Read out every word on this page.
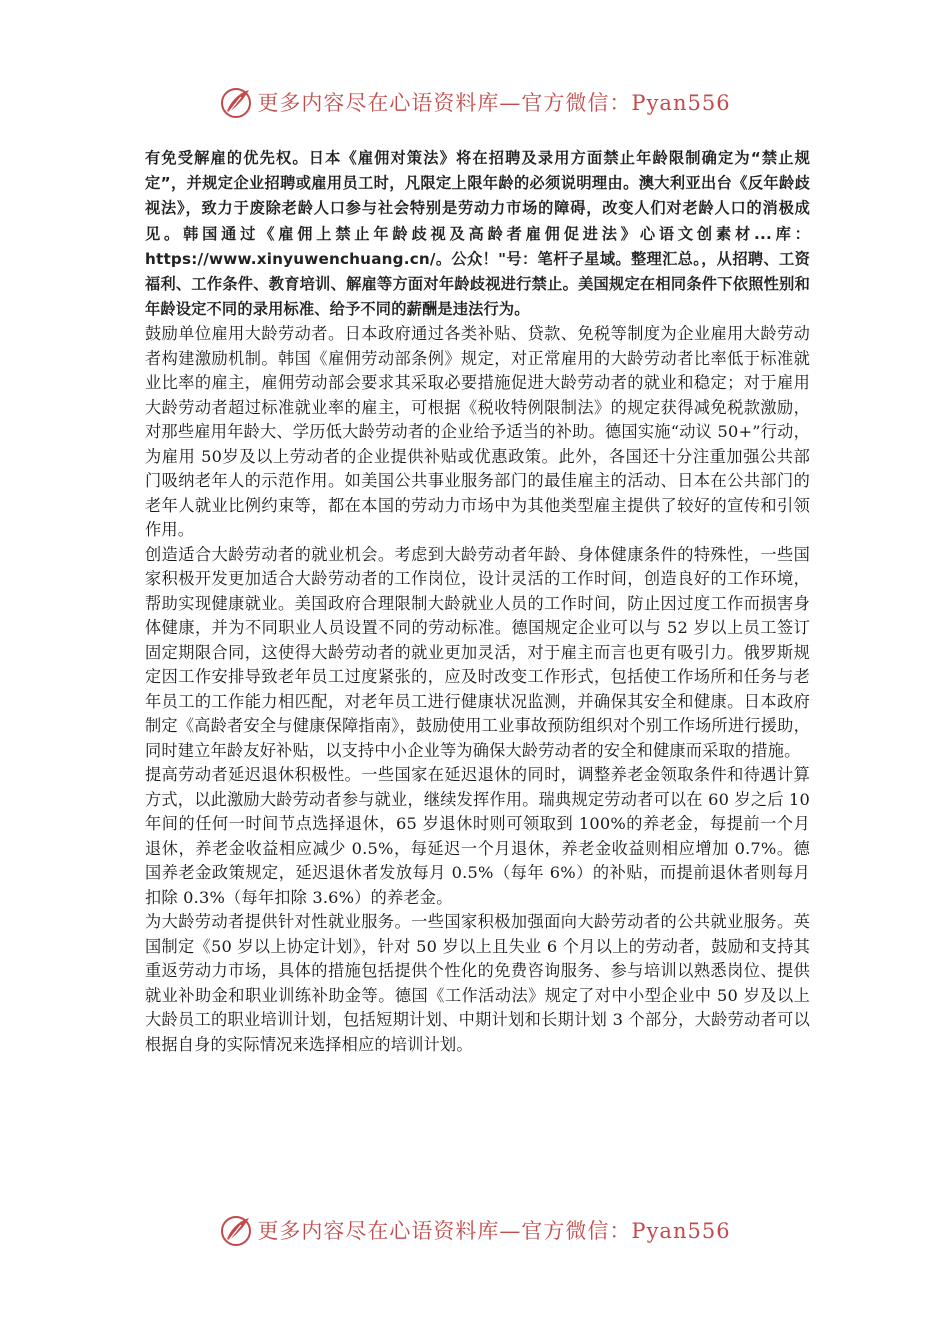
更多内容尽在心语资料库—官方微信：Pyan556

有免受解雇的优先权。日本《雇佣对策法》将在招聘及录用方面禁止年龄限制确定为“禁止规定”，并规定企业招聘或雇用员工时，凡限定上限年龄的必须说明理由。澳大利亚出台《反年龄歧视法》，致力于废除老龄人口参与社会特别是劳动力市场的障碍，改变人们对老龄人口的消极成见。韩国通过《雇佣上禁止年龄歧视及高龄者雇佣促进法》心语文创素材...库：https://www.xinyuwenchuang.cn/。公众！"号：笔杆子星域。整理汇总。，从招聘、工资福利、工作条件、教育培训、解雇等方面对年龄歧视进行禁止。美国规定在相同条件下依照性别和年龄设定不同的录用标准、给予不同的薪酬是违法行为。

鼓励单位雇用大龄劳动者。日本政府通过各类补贴、贷款、免税等制度为企业雇用大龄劳动者构建激励机制。韩国《雇佣劳动部条例》规定，对正常雇用的大龄劳动者比率低于标准就业比率的雇主，雇佣劳动部会要求其采取必要措施促进大龄劳动者的就业和稳定；对于雇用大龄劳动者超过标准就业率的雇主，可根据《税收特例限制法》的规定获得减免税款激励，对那些雇用年龄大、学历低大龄劳动者的企业给予适当的补助。德国实施“动议 50+”行动，为雇用 50岁及以上劳动者的企业提供补贴或优惠政策。此外，各国还十分注重加强公共部门吸纳老年人的示范作用。如美国公共事业服务部门的最佳雇主的活动、日本在公共部门的老年人就业比例约束等，都在本国的劳动力市场中为其他类型雇主提供了较好的宣传和引领作用。

创造适合大龄劳动者的就业机会。考虑到大龄劳动者年龄、身体健康条件的特殊性，一些国家积极开发更加适合大龄劳动者的工作岗位，设计灵活的工作时间，创造良好的工作环境，帮助实现健康就业。美国政府合理限制大龄就业人员的工作时间，防止因过度工作而损害身体健康，并为不同职业人员设置不同的劳动标准。德国规定企业可以与 52 岁以上员工签订固定期限合同，这使得大龄劳动者的就业更加灵活，对于雇主而言也更有吸引力。俄罗斯规定因工作安排导致老年员工过度紧张的，应及时改变工作形式，包括使工作场所和任务与老年员工的工作能力相匹配，对老年员工进行健康状况监测，并确保其安全和健康。日本政府制定《高龄者安全与健康保障指南》，鼓励使用工业事故预防组织对个别工作场所进行援助，同时建立年龄友好补贴，以支持中小企业等为确保大龄劳动者的安全和健康而采取的措施。

提高劳动者延迟退休积极性。一些国家在延迟退休的同时，调整养老金领取条件和待遇计算方式，以此激励大龄劳动者参与就业，继续发挥作用。瑞典规定劳动者可以在 60 岁之后 10 年间的任何一时间节点选择退休，65 岁退休时则可领取到 100%的养老金，每提前一个月退休，养老金收益相应减少 0.5%，每延迟一个月退休，养老金收益则相应增加 0.7%。德国养老金政策规定，延迟退休者发放每月 0.5%（每年 6%）的补贴，而提前退休者则每月扣除 0.3%（每年扣除 3.6%）的养老金。

为大龄劳动者提供针对性就业服务。一些国家积极加强面向大龄劳动者的公共就业服务。英国制定《50 岁以上协定计划》，针对 50 岁以上且失业 6 个月以上的劳动者，鼓励和支持其重返劳动力市场，具体的措施包括提供个性化的免费咨询服务、参与培训以熟悉岗位、提供就业补助金和职业训练补助金等。德国《工作活动法》规定了对中小型企业中 50 岁及以上大龄员工的职业培训计划，包括短期计划、中期计划和长期计划 3 个部分，大龄劳动者可以根据自身的实际情况来选择相应的培训计划。

更多内容尽在心语资料库—官方微信：Pyan556
